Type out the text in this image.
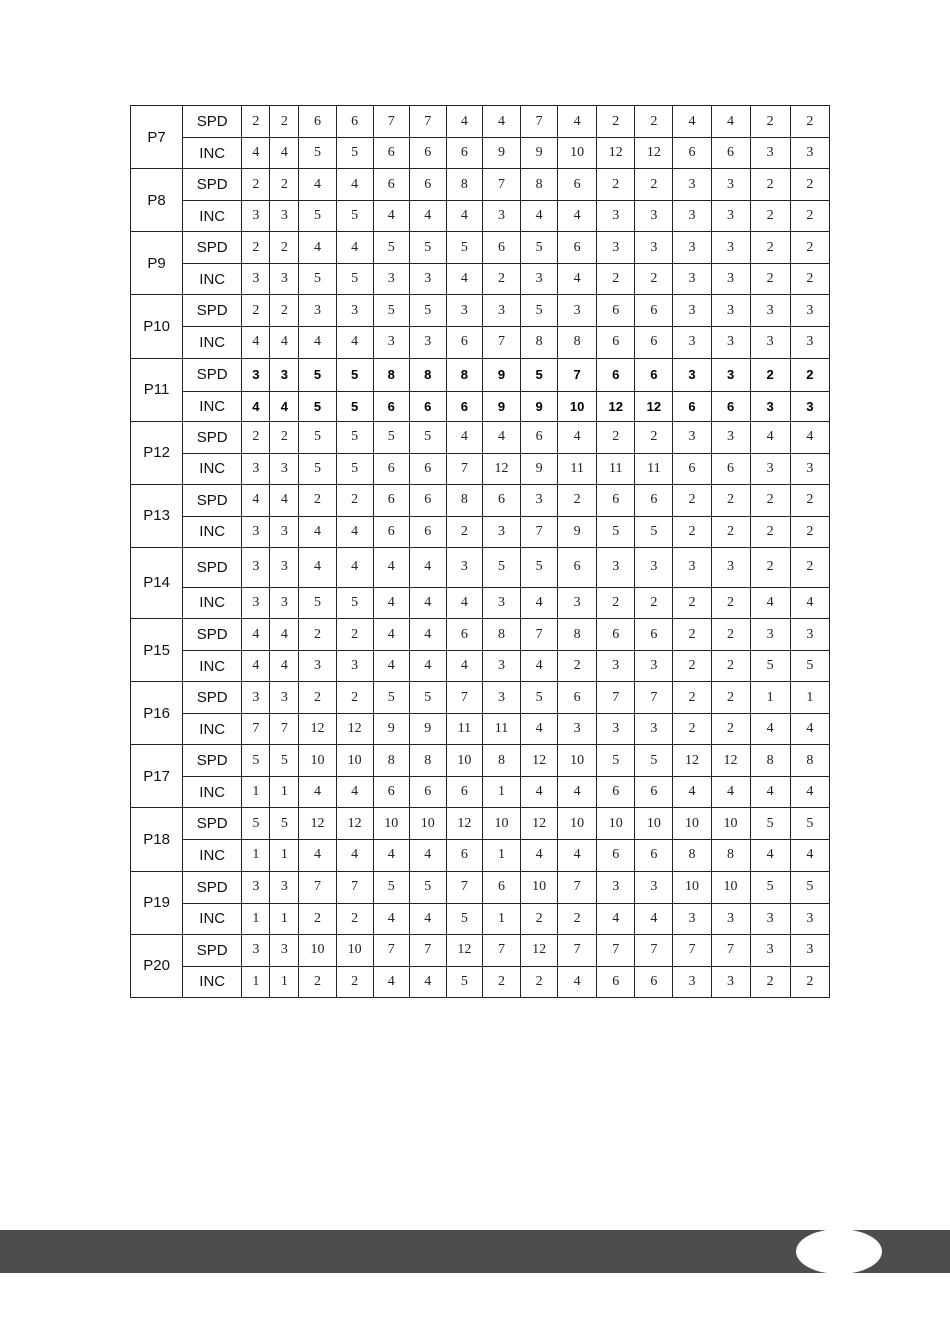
P7	SPD	2	2	6	6	7	7	4	4	7	4	2	2	4	4	2	2
	INC	4	4	5	5	6	6	6	9	9	10	12	12	6	6	3	3
P8	SPD	2	2	4	4	6	6	8	7	8	6	2	2	3	3	2	2
	INC	3	3	5	5	4	4	4	3	4	4	3	3	3	3	2	2
P9	SPD	2	2	4	4	5	5	5	6	5	6	3	3	3	3	2	2
	INC	3	3	5	5	3	3	4	2	3	4	2	2	3	3	2	2
P10	SPD	2	2	3	3	5	5	3	3	5	3	6	6	3	3	3	3
	INC	4	4	4	4	3	3	6	7	8	8	6	6	3	3	3	3
P11	SPD	3	3	5	5	8	8	8	9	5	7	6	6	3	3	2	2
	INC	4	4	5	5	6	6	6	9	9	10	12	12	6	6	3	3
P12	SPD	2	2	5	5	5	5	4	4	6	4	2	2	3	3	4	4
	INC	3	3	5	5	6	6	7	12	9	11	11	11	6	6	3	3
P13	SPD	4	4	2	2	6	6	8	6	3	2	6	6	2	2	2	2
	INC	3	3	4	4	6	6	2	3	7	9	5	5	2	2	2	2
P14	SPD	3	3	4	4	4	4	3	5	5	6	3	3	3	3	2	2
	INC	3	3	5	5	4	4	4	3	4	3	2	2	2	2	4	4
P15	SPD	4	4	2	2	4	4	6	8	7	8	6	6	2	2	3	3
	INC	4	4	3	3	4	4	4	3	4	2	3	3	2	2	5	5
P16	SPD	3	3	2	2	5	5	7	3	5	6	7	7	2	2	1	1
	INC	7	7	12	12	9	9	11	11	4	3	3	3	2	2	4	4
P17	SPD	5	5	10	10	8	8	10	8	12	10	5	5	12	12	8	8
	INC	1	1	4	4	6	6	6	1	4	4	6	6	4	4	4	4
P18	SPD	5	5	12	12	10	10	12	10	12	10	10	10	10	10	5	5
	INC	1	1	4	4	4	4	6	1	4	4	6	6	8	8	4	4
P19	SPD	3	3	7	7	5	5	7	6	10	7	3	3	10	10	5	5
	INC	1	1	2	2	4	4	5	1	2	2	4	4	3	3	3	3
P20	SPD	3	3	10	10	7	7	12	7	12	7	7	7	7	7	3	3
	INC	1	1	2	2	4	4	5	2	2	4	6	6	3	3	2	2
